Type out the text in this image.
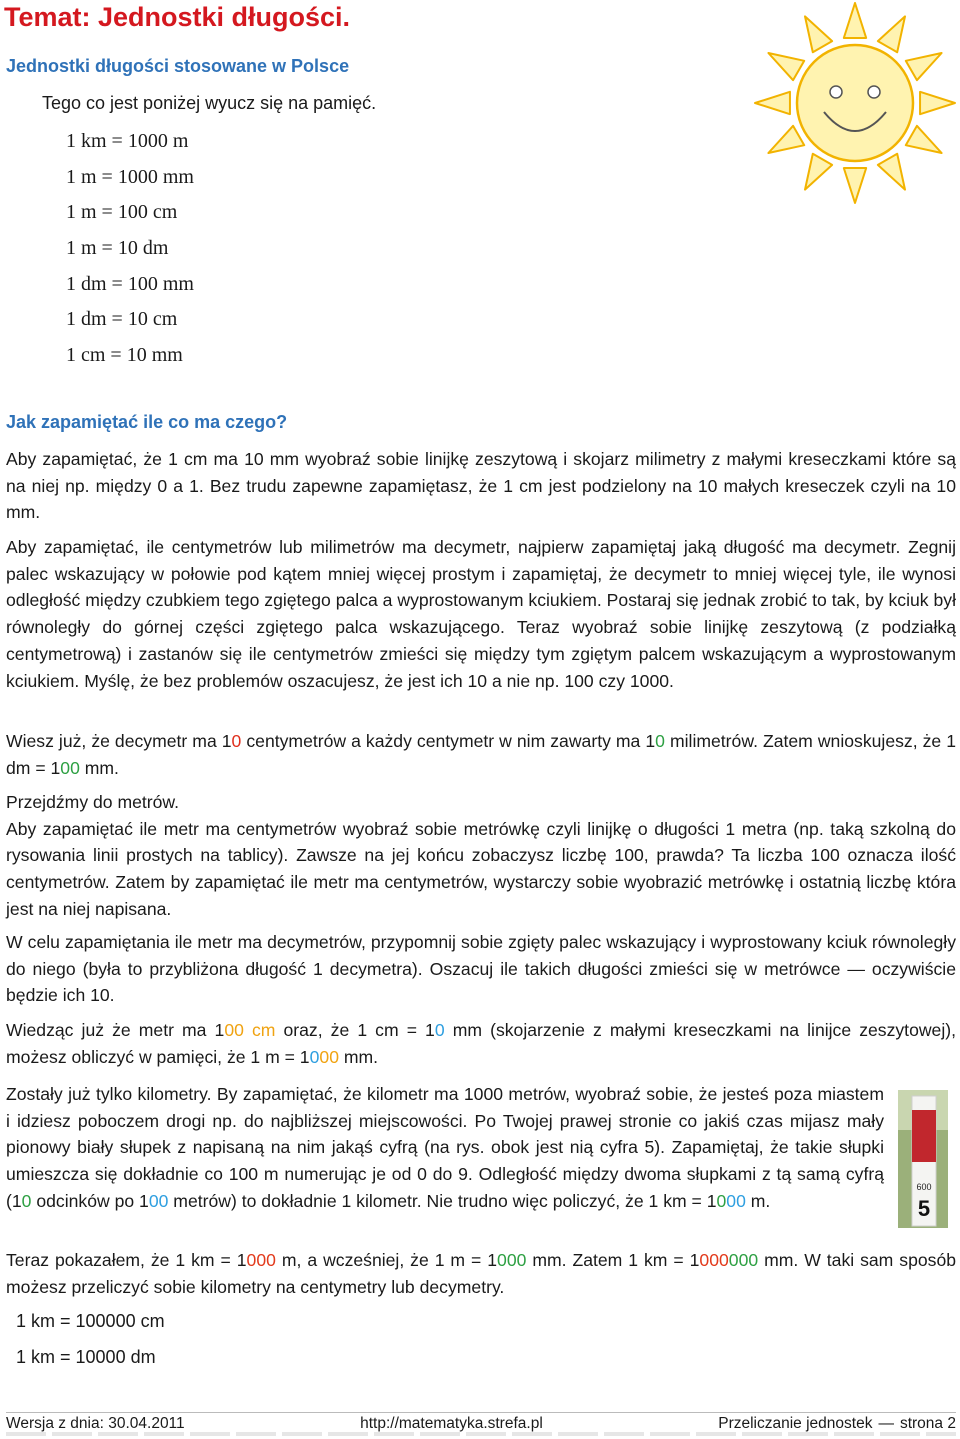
Temat: Jednostki długości.
Jednostki długości stosowane w Polsce

Tego co jest poniżej wyucz się na pamięć.

1 km = 1000 m
1 m = 1000 mm
1 m = 100 cm
1 m = 10 dm
1 dm = 100 mm
1 dm = 10 cm
1 cm = 10 mm
Jak zapamiętać ile co ma czego?

Aby zapamiętać, że 1 cm ma 10 mm wyobraź sobie linijkę zeszytową i skojarz milimetry z małymi kreseczkami które są na niej np. między 0 a 1. Bez trudu zapewne zapamiętasz, że 1 cm jest podzielony na 10 małych kreseczek czyli na 10 mm.

Aby zapamiętać, ile centymetrów lub milimetrów ma decymetr, najpierw zapamiętaj jaką długość ma decymetr. Zegnij palec wskazujący w połowie pod kątem mniej więcej prostym i zapamiętaj, że decymetr to mniej więcej tyle, ile wynosi odległość między czubkiem tego zgiętego palca a wyprostowanym kciukiem. Postaraj się jednak zrobić to tak, by kciuk był równoległy do górnej części zgiętego palca wskazującego. Teraz wyobraź sobie linijkę zeszytową (z podziałką centymetrową) i zastanów się ile centymetrów zmieści się między tym zgiętym palcem wskazującym a wyprostowanym kciukiem. Myślę, że bez problemów oszacujesz, że jest ich 10 a nie np. 100 czy 1000.

Wiesz już, że decymetr ma 10 centymetrów a każdy centymetr w nim zawarty ma 10 milimetrów. Zatem wnioskujesz, że 1 dm = 100 mm.

Przejdźmy do metrów.
Aby zapamiętać ile metr ma centymetrów wyobraź sobie metrówkę czyli linijkę o długości 1 metra (np. taką szkolną do rysowania linii prostych na tablicy). Zawsze na jej końcu zobaczysz liczbę 100, prawda? Ta liczba 100 oznacza ilość centymetrów. Zatem by zapamiętać ile metr ma centymetrów, wystarczy sobie wyobrazić metrówkę i ostatnią liczbę która jest na niej napisana.

W celu zapamiętania ile metr ma decymetrów, przypomnij sobie zgięty palec wskazujący i wyprostowany kciuk równoległy do niego (była to przybliżona długość 1 decymetra). Oszacuj ile takich długości zmieści się w metrówce — oczywiście będzie ich 10.

Wiedząc już że metr ma 100 cm oraz, że 1 cm = 10 mm (skojarzenie z małymi kreseczkami na linijce zeszytowej), możesz obliczyć w pamięci, że 1 m = 1000 mm.

Zostały już tylko kilometry. By zapamiętać, że kilometr ma 1000 metrów, wyobraź sobie, że jesteś poza miastem i idziesz poboczem drogi np. do najbliższej miejscowości. Po Twojej prawej stronie co jakiś czas mijasz mały pionowy biały słupek z napisaną na nim jakąś cyfrą (na rys. obok jest nią cyfra 5). Zapamiętaj, że takie słupki umieszcza się dokładnie co 100 m numerując je od 0 do 9. Odległość między dwoma słupkami z tą samą cyfrą (10 odcinków po 100 metrów) to dokładnie 1 kilometr. Nie trudno więc policzyć, że 1 km = 1000 m.

600
5

Teraz pokazałem, że 1 km = 1000 m, a wcześniej, że 1 m = 1000 mm. Zatem 1 km = 1000000 mm. W taki sam sposób możesz przeliczyć sobie kilometry na centymetry lub decymetry.

1 km = 100000 cm

1 km = 10000 dm

Wersja z dnia: 30.04.2011	http://matematyka.strefa.pl	Przeliczanie jednostek — strona 2
